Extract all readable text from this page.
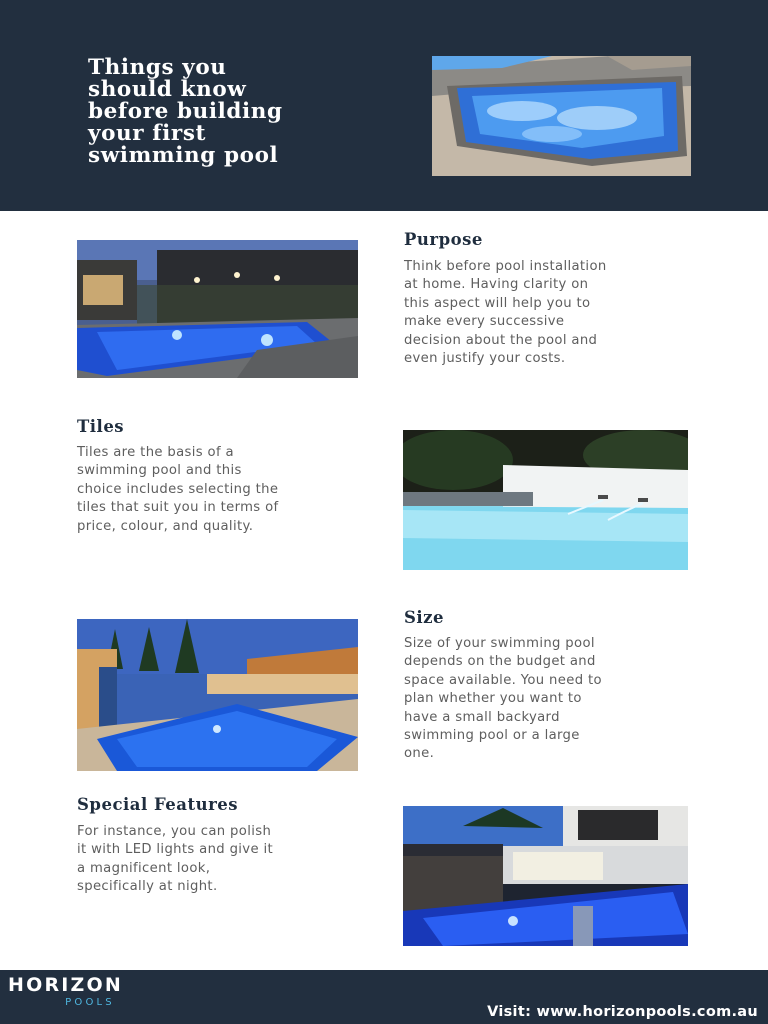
Things you
should know
before building
your first
swimming pool
Purpose
Think before pool installation
at home. Having clarity on
this aspect will help you to
make every successive
decision about the pool and
even justify your costs.
Tiles
Tiles are the basis of a
swimming pool and this
choice includes selecting the
tiles that suit you in terms of
price, colour, and quality.
Size
Size of your swimming pool
depends on the budget and
space available. You need to
plan whether you want to
have a small backyard
swimming pool or a large
one.
Special Features
For instance, you can polish
it with LED lights and give it
a magnificent look,
specifically at night.
HORIZON
POOLS
Visit: www.horizonpools.com.au
